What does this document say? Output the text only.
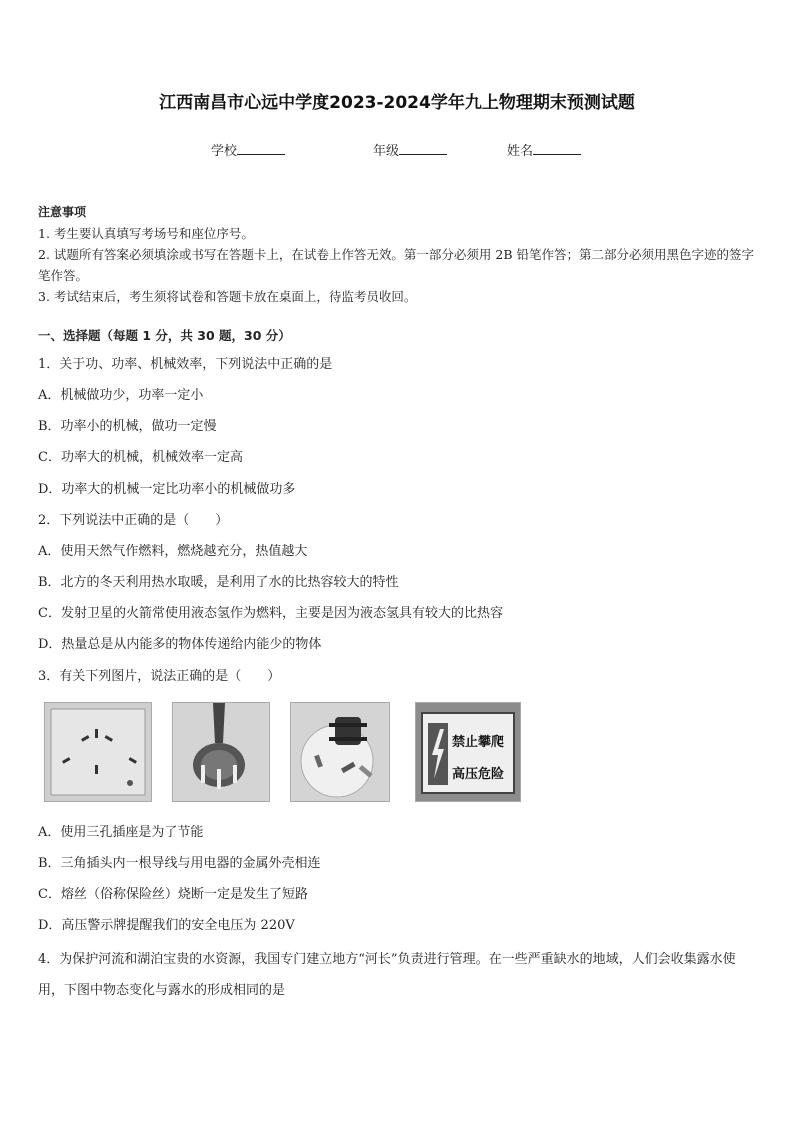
江西南昌市心远中学度2023-2024学年九上物理期末预测试题
学校	年级	姓名

注意事项

1. 考生要认真填写考场号和座位序号。

2. 试题所有答案必须填涂或书写在答题卡上，在试卷上作答无效。第一部分必须用 2B 铅笔作答；第二部分必须用黑色字迹的签字笔作答。

3. 考试结束后，考生须将试卷和答题卡放在桌面上，待监考员收回。

一、选择题（每题 1 分，共 30 题，30 分）
1．关于功、功率、机械效率，下列说法中正确的是
A．机械做功少，功率一定小
B．功率小的机械，做功一定慢
C．功率大的机械，机械效率一定高
D．功率大的机械一定比功率小的机械做功多
2．下列说法中正确的是（　　）
A．使用天然气作燃料，燃烧越充分，热值越大
B．北方的冬天利用热水取暖，是利用了水的比热容较大的特性
C．发射卫星的火箭常使用液态氢作为燃料，主要是因为液态氢具有较大的比热容
D．热量总是从内能多的物体传递给内能少的物体
3．有关下列图片，说法正确的是（　　）
禁止攀爬
高压危险
A．使用三孔插座是为了节能
B．三角插头内一根导线与用电器的金属外壳相连
C．熔丝（俗称保险丝）烧断一定是发生了短路
D．高压警示牌提醒我们的安全电压为 220V
4．为保护河流和湖泊宝贵的水资源，我国专门建立地方“河长”负责进行管理。在一些严重缺水的地域，人们会收集露水使用，下图中物态变化与露水的形成相同的是
